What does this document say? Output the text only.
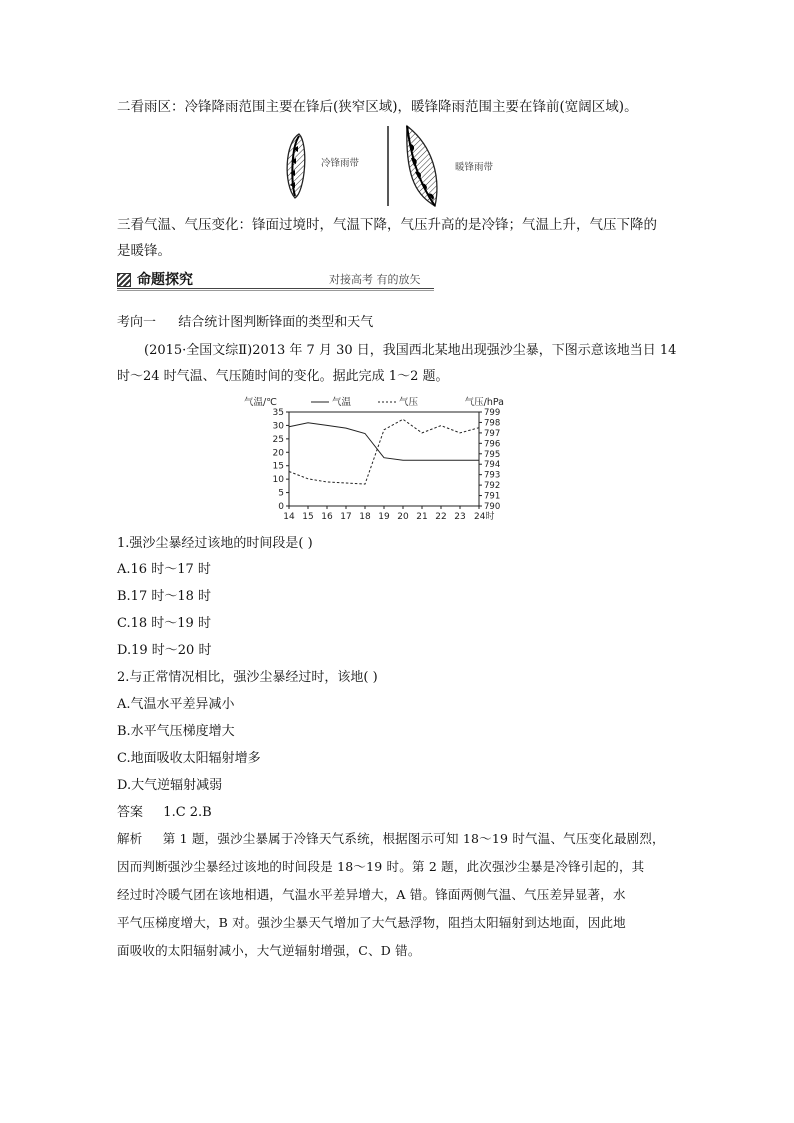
二看雨区：冷锋降雨范围主要在锋后(狭窄区域)，暖锋降雨范围主要在锋前(宽阔区域)。
冷锋雨带	暖锋雨带
三看气温、气压变化：锋面过境时，气温下降，气压升高的是冷锋；气温上升，气压下降的
是暖锋。
命题探究	对接高考 有的放矢
考向一 结合统计图判断锋面的类型和天气
(2015·全国文综Ⅱ)2013 年 7 月 30 日，我国西北某地出现强沙尘暴，下图示意该地当日 14
时～24 时气温、气压随时间的变化。据此完成 1～2 题。
0
5
10
15
20
25
30
35
790
791
792
793
794
795
796
797
798
799
14 15 16 17 18 19 20 21 22 23 24时
气温/℃	气压/hPa
气温	气压
1.强沙尘暴经过该地的时间段是( )
A.16 时～17 时
B.17 时～18 时
C.18 时～19 时
D.19 时～20 时
2.与正常情况相比，强沙尘暴经过时，该地( )
A.气温水平差异减小
B.水平气压梯度增大
C.地面吸收太阳辐射增多
D.大气逆辐射减弱
答案 1.C 2.B
解析 第 1 题，强沙尘暴属于冷锋天气系统，根据图示可知 18～19 时气温、气压变化最剧烈，
因而判断强沙尘暴经过该地的时间段是 18～19 时。第 2 题，此次强沙尘暴是冷锋引起的，其
经过时冷暖气团在该地相遇，气温水平差异增大，A 错。锋面两侧气温、气压差异显著，水
平气压梯度增大，B 对。强沙尘暴天气增加了大气悬浮物，阻挡太阳辐射到达地面，因此地
面吸收的太阳辐射减小，大气逆辐射增强，C、D 错。
